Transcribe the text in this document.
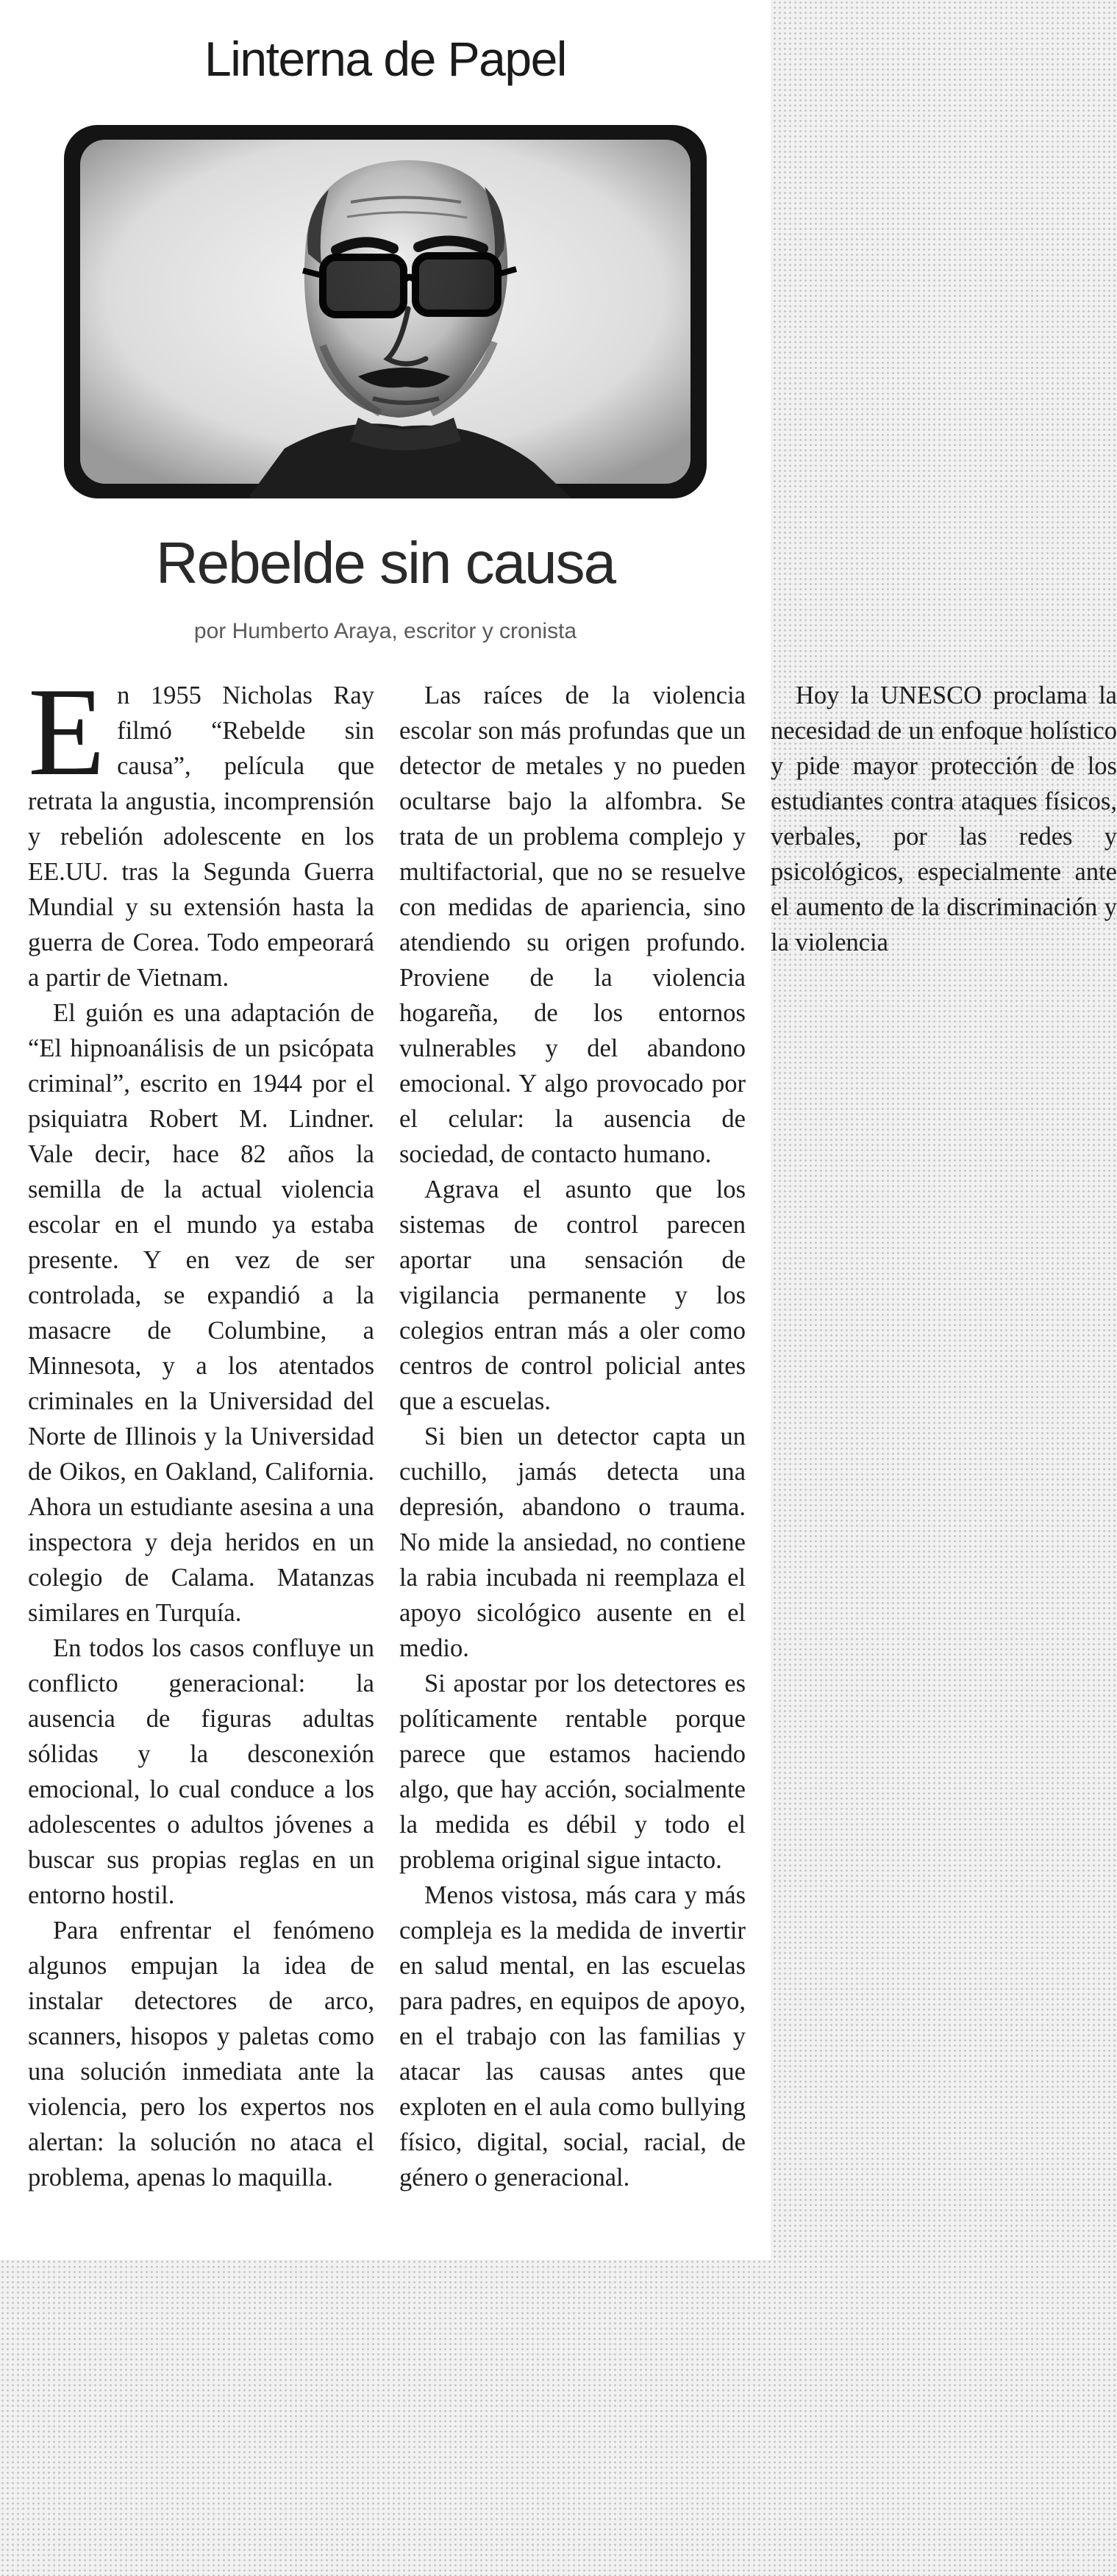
Linterna de Papel
Rebelde sin causa
por Humberto Araya, escritor y cronista

En 1955 Nicholas Ray filmó “Rebelde sin causa”, película que retrata la angustia, incomprensión y rebelión adolescente en los EE.UU. tras la Segunda Guerra Mundial y su extensión hasta la guerra de Corea. Todo empeorará a partir de Vietnam.

El guión es una adaptación de “El hipnoanálisis de un psicópata criminal”, escrito en 1944 por el psiquiatra Robert M. Lindner. Vale decir, hace 82 años la semilla de la actual violencia escolar en el mundo ya estaba presente. Y en vez de ser controlada, se expandió a la masacre de Columbine, a Minnesota, y a los atentados criminales en la Universidad del Norte de Illinois y la Universidad de Oikos, en Oakland, California. Ahora un estudiante asesina a una inspectora y deja heridos en un colegio de Calama. Matanzas similares en Turquía.

En todos los casos confluye un conflicto generacional: la ausencia de figuras adultas sólidas y la desconexión emocional, lo cual conduce a los adolescentes o adultos jóvenes a buscar sus propias reglas en un entorno hostil.

Para enfrentar el fenómeno algunos empujan la idea de instalar detectores de arco, scanners, hisopos y paletas como una solución inmediata ante la violencia, pero los expertos nos alertan: la solución no ataca el problema, apenas lo maquilla.

Las raíces de la violencia escolar son más profundas que un detector de metales y no pueden ocultarse bajo la alfombra. Se trata de un problema complejo y multifactorial, que no se resuelve con medidas de apariencia, sino atendiendo su origen profundo. Proviene de la violencia hogareña, de los entornos vulnerables y del abandono emocional. Y algo provocado por el celular: la ausencia de sociedad, de contacto humano.

Agrava el asunto que los sistemas de control parecen aportar una sensación de vigilancia permanente y los colegios entran más a oler como centros de control policial antes que a escuelas.

Si bien un detector capta un cuchillo, jamás detecta una depresión, abandono o trauma. No mide la ansiedad, no contiene la rabia incubada ni reemplaza el apoyo sicológico ausente en el medio.

Si apostar por los detectores es políticamente rentable porque parece que estamos haciendo algo, que hay acción, socialmente la medida es débil y todo el problema original sigue intacto.

Menos vistosa, más cara y más compleja es la medida de invertir en salud mental, en las escuelas para padres, en equipos de apoyo, en el trabajo con las familias y atacar las causas antes que exploten en el aula como bullying físico, digital, social, racial, de género o generacional.

Hoy la UNESCO proclama la necesidad de un enfoque holístico y pide mayor protección de los estudiantes contra ataques físicos, verbales, por las redes y psicológicos, especialmente ante el aumento de la discriminación y la violencia
